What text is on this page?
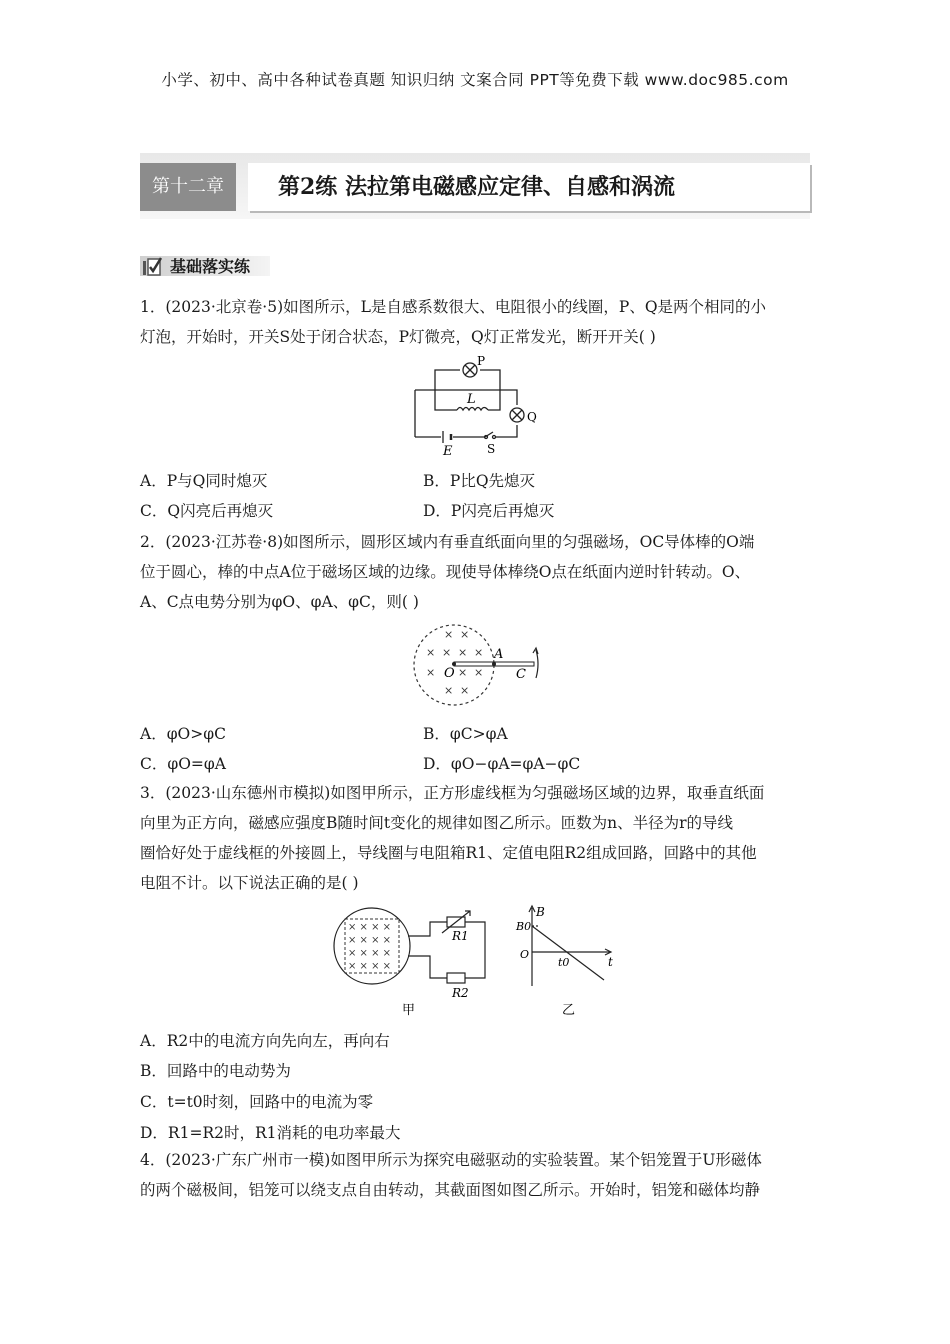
小学、初中、高中各种试卷真题 知识归纳 文案合同 PPT等免费下载 www.doc985.com
第十二章	第2练 法拉第电磁感应定律、自感和涡流
基础落实练
1．(2023·北京卷·5)如图所示，L是自感系数很大、电阻很小的线圈，P、Q是两个相同的小
灯泡，开始时，开关S处于闭合状态，P灯微亮，Q灯正常发光，断开开关( )
P
L
Q
E	S
A．P与Q同时熄灭	B．P比Q先熄灭
C．Q闪亮后再熄灭	D．P闪亮后再熄灭
2．(2023·江苏卷·8)如图所示，圆形区域内有垂直纸面向里的匀强磁场，OC导体棒的O端
位于圆心，棒的中点A位于磁场区域的边缘。现使导体棒绕O点在纸面内逆时针转动。O、
A、C点电势分别为φO、φA、φC，则( )
× ×
× × × ×
× × ×
× ×
O
A
C
A．φO>φC	B．φC>φA
C．φO=φA	D．φO−φA=φA−φC
3．(2023·山东德州市模拟)如图甲所示，正方形虚线框为匀强磁场区域的边界，取垂直纸面
向里为正方向，磁感应强度B随时间t变化的规律如图乙所示。匝数为n、半径为r的导线
圈恰好处于虚线框的外接圆上，导线圈与电阻箱R1、定值电阻R2组成回路，回路中的其他
电阻不计。以下说法正确的是( )
× × × ×
× × × ×
× × × ×
× × × ×
R1
R2
甲
B
B0
O
t0	t
乙
A．R2中的电流方向先向左，再向右
B．回路中的电动势为
C．t=t0时刻，回路中的电流为零
D．R1=R2时，R1消耗的电功率最大
4．(2023·广东广州市一模)如图甲所示为探究电磁驱动的实验装置。某个铝笼置于U形磁体
的两个磁极间，铝笼可以绕支点自由转动，其截面图如图乙所示。开始时，铝笼和磁体均静
